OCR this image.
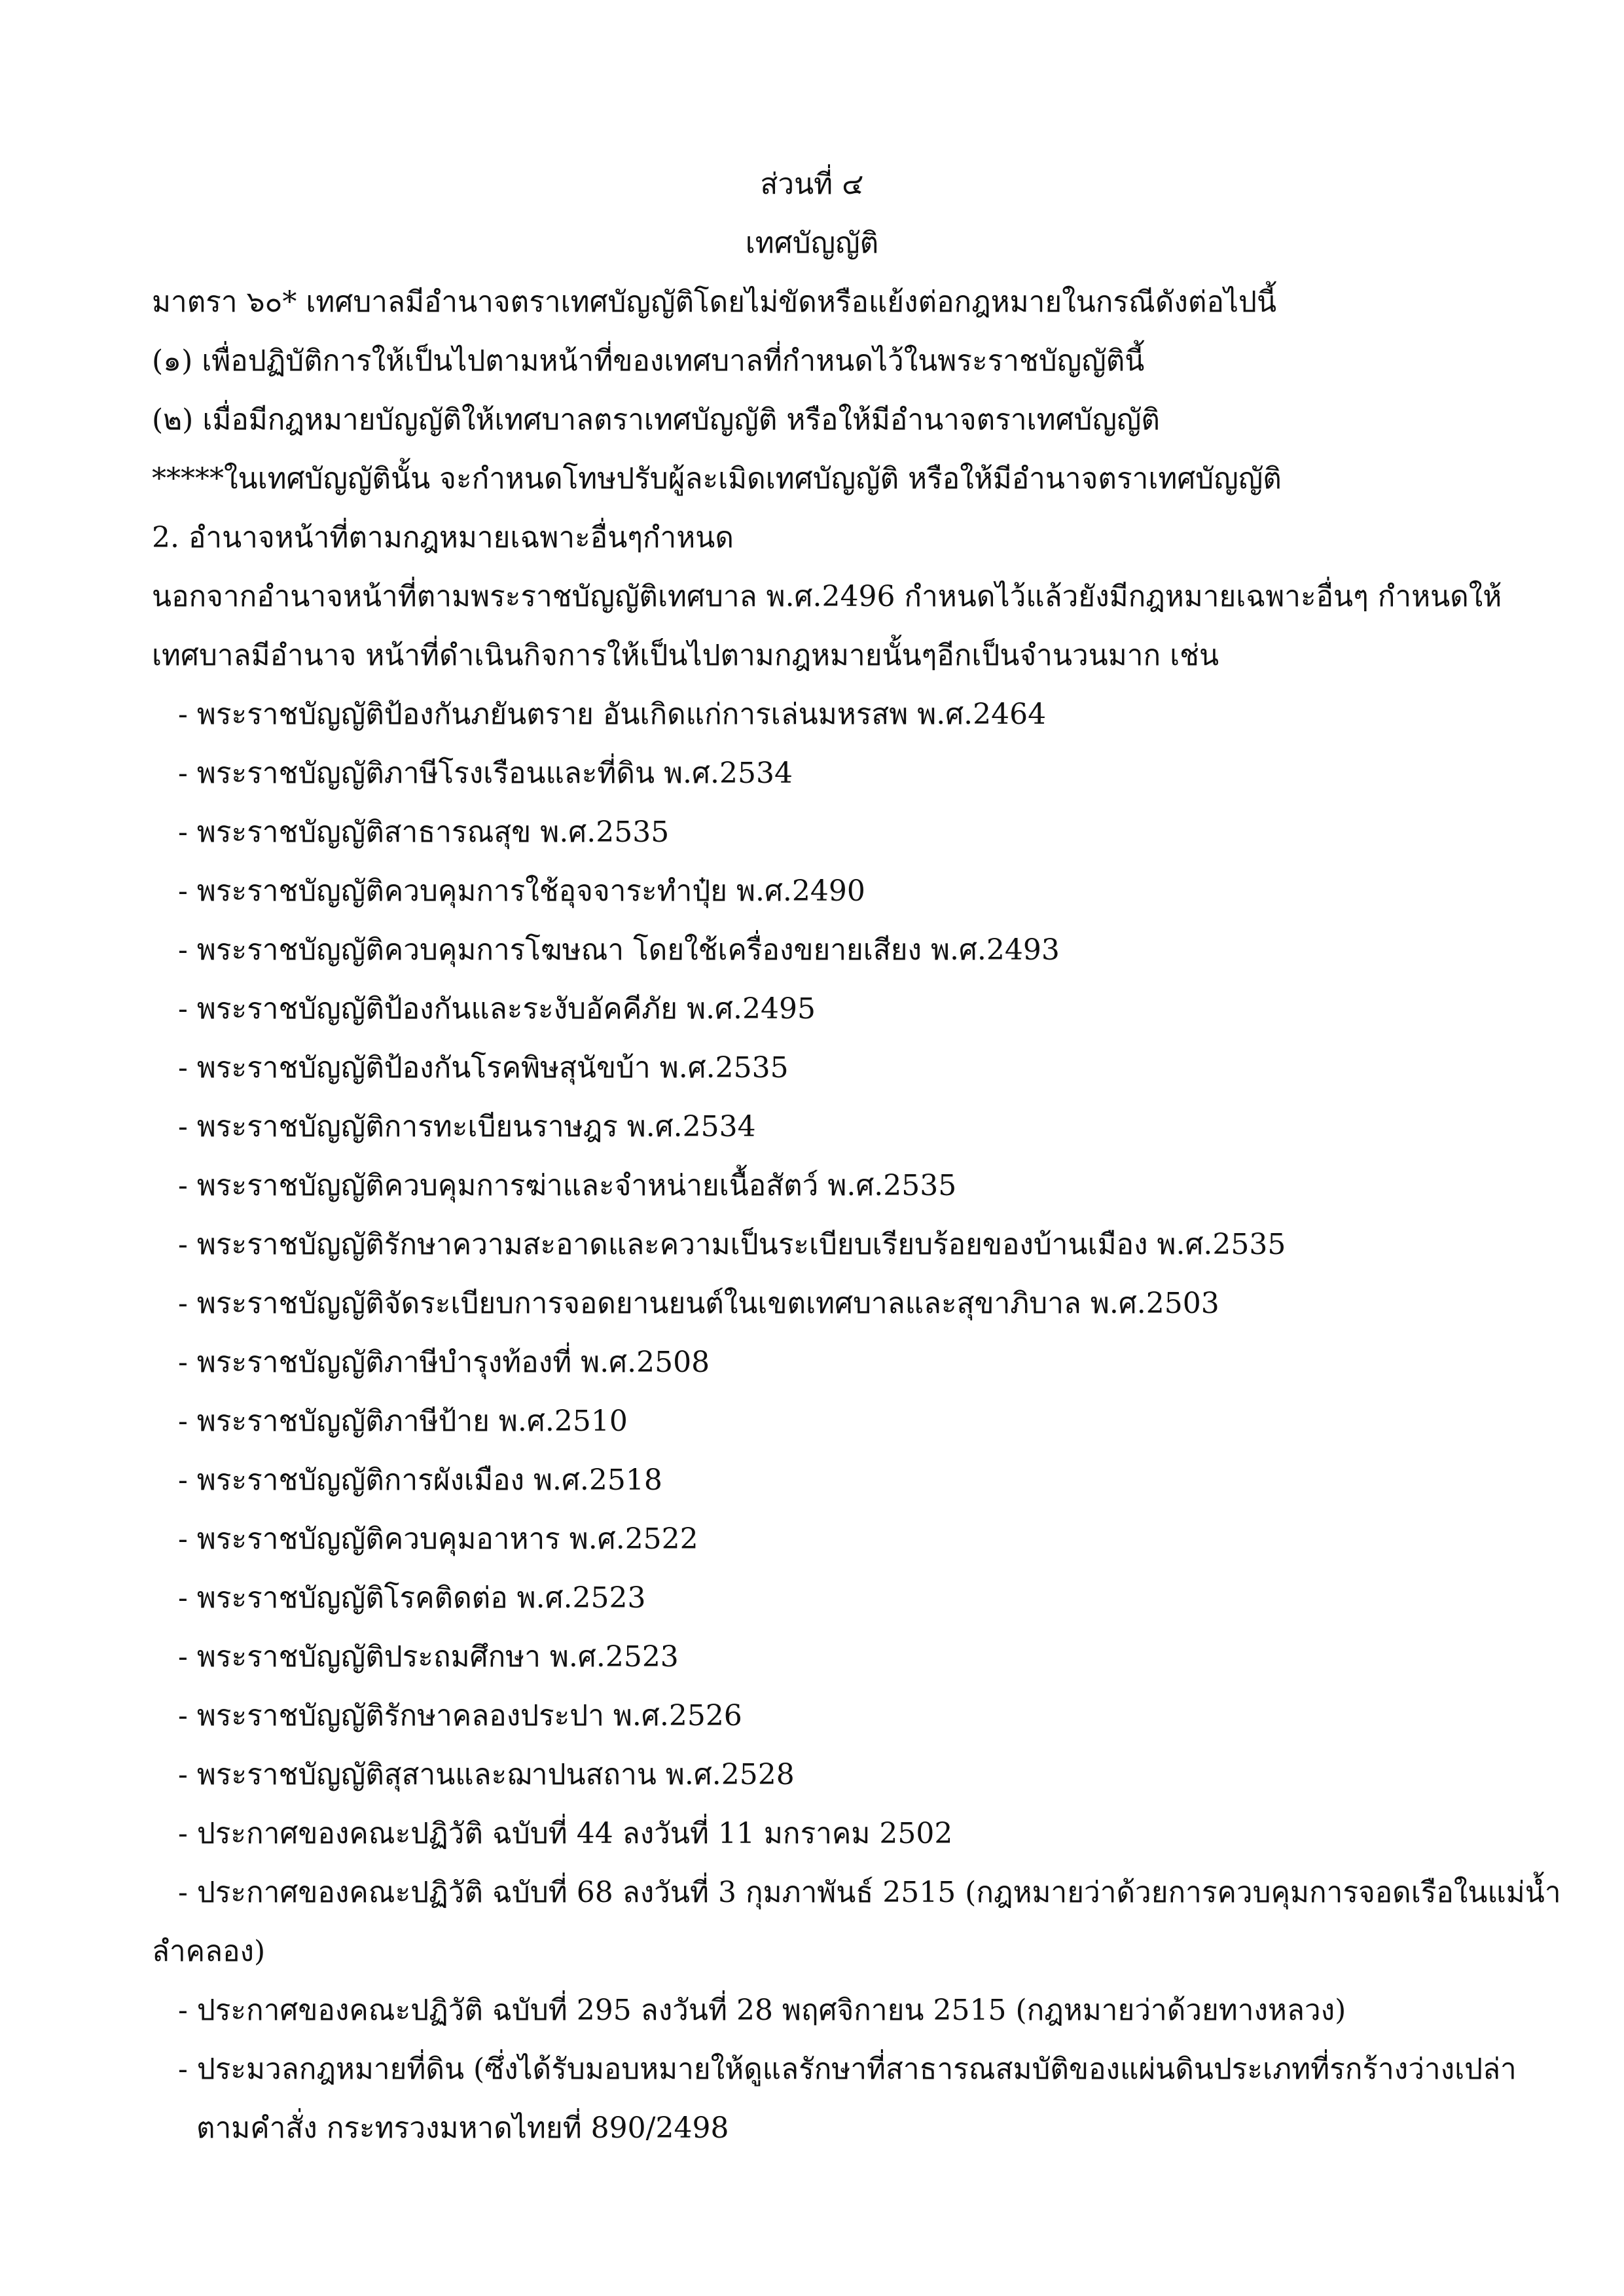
ส่วนที่ ๔
เทศบัญญัติ
มาตรา ๖๐* เทศบาลมีอำนาจตราเทศบัญญัติโดยไม่ขัดหรือแย้งต่อกฎหมายในกรณีดังต่อไปนี้
(๑) เพื่อปฏิบัติการให้เป็นไปตามหน้าที่ของเทศบาลที่กำหนดไว้ในพระราชบัญญัตินี้
(๒) เมื่อมีกฎหมายบัญญัติให้เทศบาลตราเทศบัญญัติ หรือให้มีอำนาจตราเทศบัญญัติ
*****ในเทศบัญญัตินั้น จะกำหนดโทษปรับผู้ละเมิดเทศบัญญัติ หรือให้มีอำนาจตราเทศบัญญัติ
2. อำนาจหน้าที่ตามกฎหมายเฉพาะอื่นๆกำหนด
นอกจากอำนาจหน้าที่ตามพระราชบัญญัติเทศบาล พ.ศ.2496 กำหนดไว้แล้วยังมีกฎหมายเฉพาะอื่นๆ กำหนดให้
เทศบาลมีอำนาจ หน้าที่ดำเนินกิจการให้เป็นไปตามกฎหมายนั้นๆอีกเป็นจำนวนมาก เช่น
- พระราชบัญญัติป้องกันภยันตราย อันเกิดแก่การเล่นมหรสพ พ.ศ.2464
- พระราชบัญญัติภาษีโรงเรือนและที่ดิน พ.ศ.2534
- พระราชบัญญัติสาธารณสุข พ.ศ.2535
- พระราชบัญญัติควบคุมการใช้อุจจาระทำปุ๋ย พ.ศ.2490
- พระราชบัญญัติควบคุมการโฆษณา โดยใช้เครื่องขยายเสียง พ.ศ.2493
- พระราชบัญญัติป้องกันและระงับอัคคีภัย พ.ศ.2495
- พระราชบัญญัติป้องกันโรคพิษสุนัขบ้า พ.ศ.2535
- พระราชบัญญัติการทะเบียนราษฎร พ.ศ.2534
- พระราชบัญญัติควบคุมการฆ่าและจำหน่ายเนื้อสัตว์ พ.ศ.2535
- พระราชบัญญัติรักษาความสะอาดและความเป็นระเบียบเรียบร้อยของบ้านเมือง พ.ศ.2535
- พระราชบัญญัติจัดระเบียบการจอดยานยนต์ในเขตเทศบาลและสุขาภิบาล พ.ศ.2503
- พระราชบัญญัติภาษีบำรุงท้องที่ พ.ศ.2508
- พระราชบัญญัติภาษีป้าย พ.ศ.2510
- พระราชบัญญัติการผังเมือง พ.ศ.2518
- พระราชบัญญัติควบคุมอาหาร พ.ศ.2522
- พระราชบัญญัติโรคติดต่อ พ.ศ.2523
- พระราชบัญญัติประถมศึกษา พ.ศ.2523
- พระราชบัญญัติรักษาคลองประปา พ.ศ.2526
- พระราชบัญญัติสุสานและฌาปนสถาน พ.ศ.2528
- ประกาศของคณะปฏิวัติ ฉบับที่ 44 ลงวันที่ 11 มกราคม 2502
- ประกาศของคณะปฏิวัติ ฉบับที่ 68 ลงวันที่ 3 กุมภาพันธ์ 2515 (กฎหมายว่าด้วยการควบคุมการจอดเรือในแม่น้ำ
ลำคลอง)
- ประกาศของคณะปฏิวัติ ฉบับที่ 295 ลงวันที่ 28 พฤศจิกายน 2515 (กฎหมายว่าด้วยทางหลวง)
- ประมวลกฎหมายที่ดิน (ซึ่งได้รับมอบหมายให้ดูแลรักษาที่สาธารณสมบัติของแผ่นดินประเภทที่รกร้างว่างเปล่า
ตามคำสั่ง กระทรวงมหาดไทยที่ 890/2498
